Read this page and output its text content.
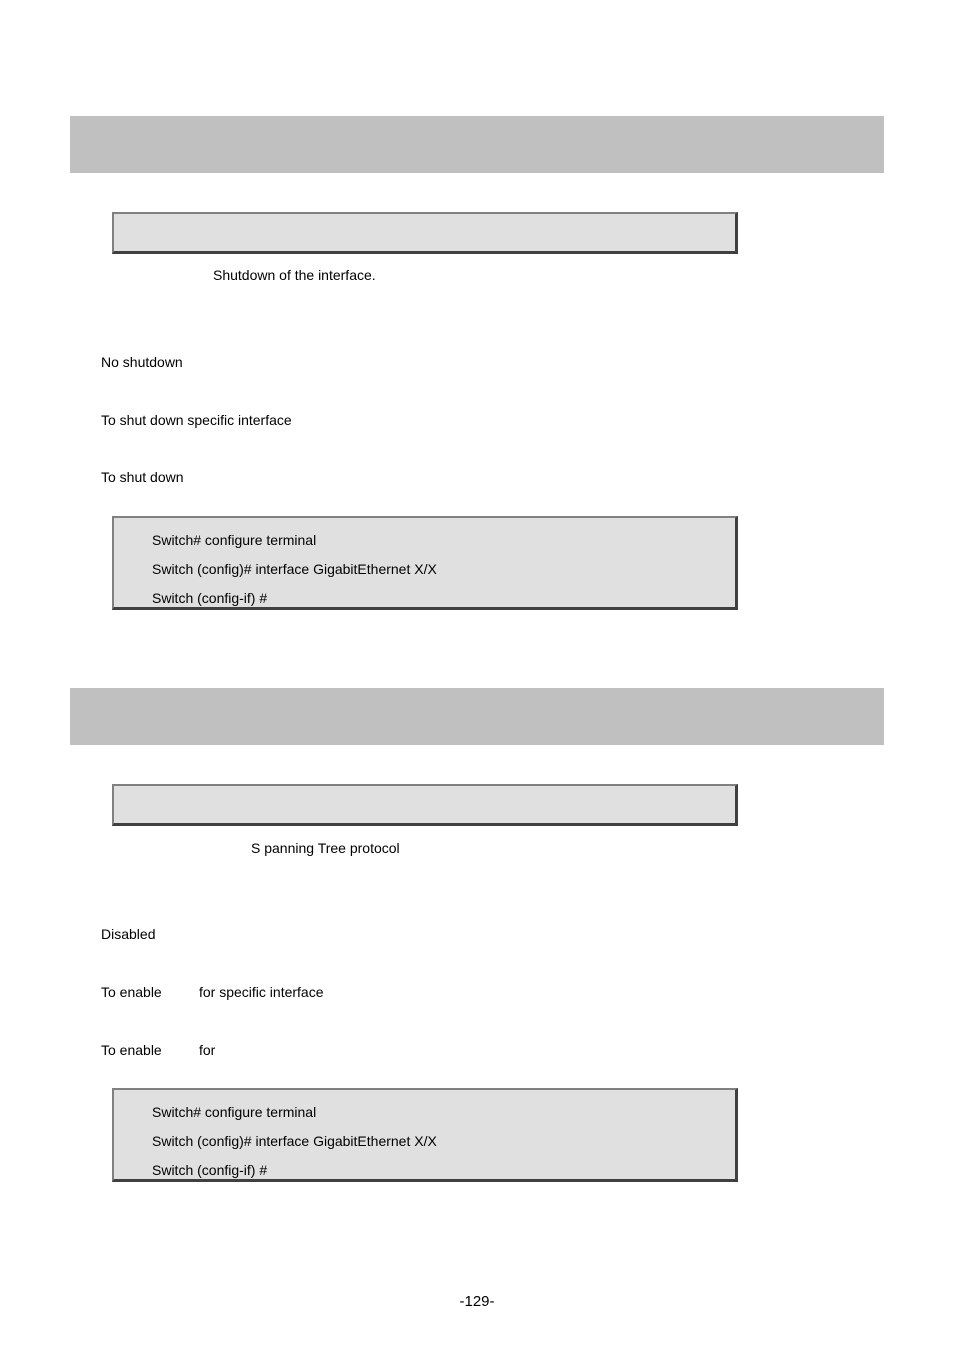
Shutdown of the interface.
No shutdown
To shut down specific interface
To shut down
Switch# configure terminal
Switch (config)# interface GigabitEthernet X/X
Switch (config-if) #
S panning Tree protocol
Disabled
To enable	for specific interface
To enable	for
Switch# configure terminal
Switch (config)# interface GigabitEthernet X/X
Switch (config-if) #
-129-
